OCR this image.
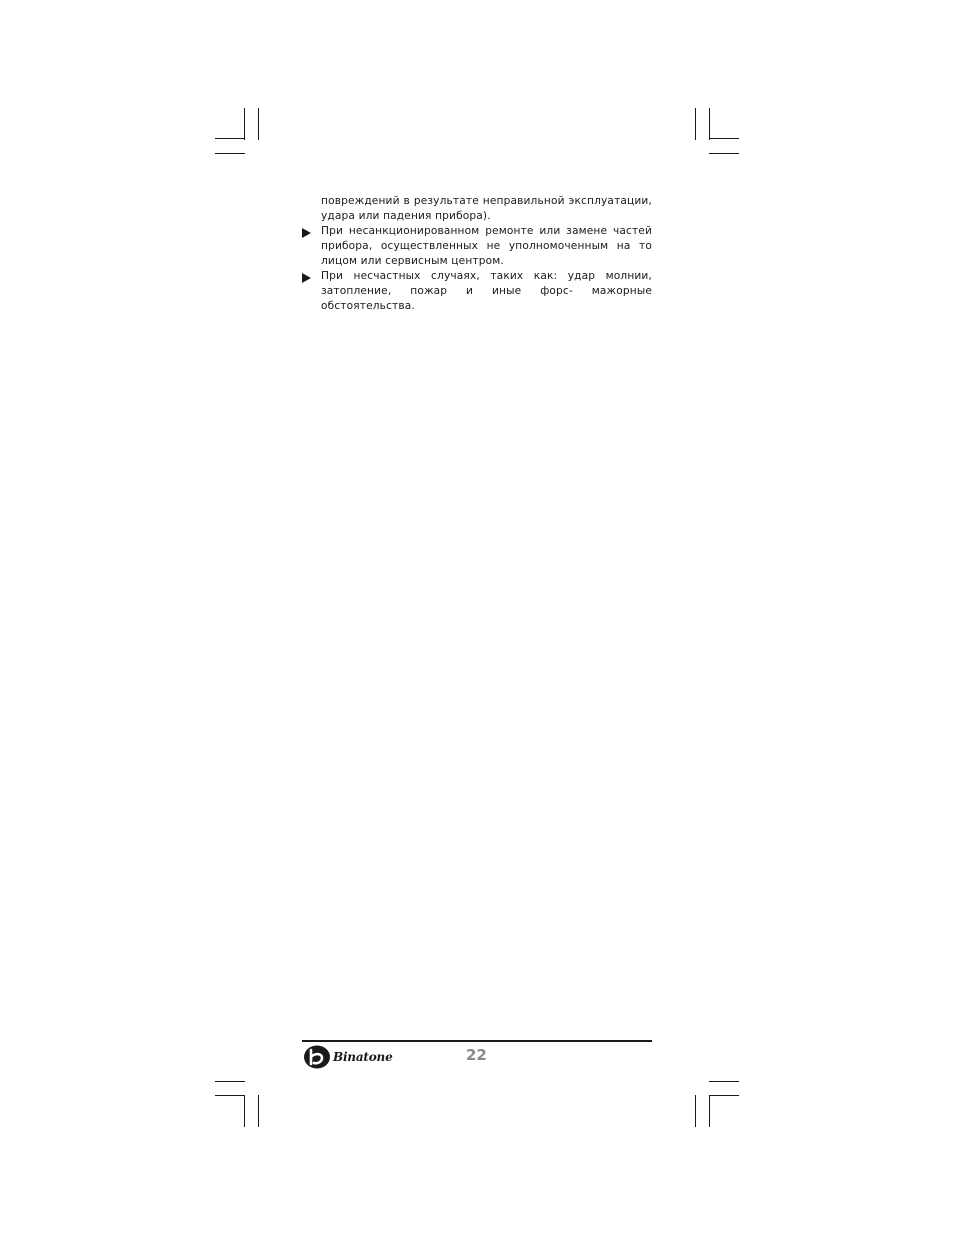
повреждений в результате неправильной эксплуатации, удара или падения прибора).
При несанкционированном ремонте или замене частей прибора, осуществленных не уполномоченным на то лицом или сервисным центром.
При несчастных случаях, таких как: удар молнии, затопление, пожар и иные форс- мажорные обстоятельства.
Binatone	22
